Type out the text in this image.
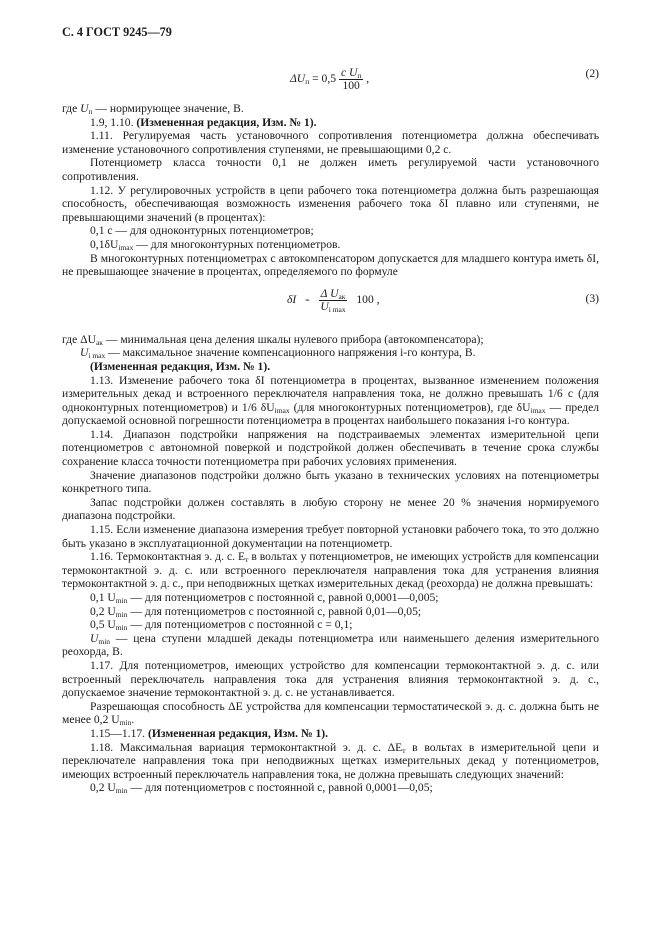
С. 4 ГОСТ 9245—79
$\Delta U_п = 0,5 \frac{с U_п}{100}$ ,	(2)
$\delta I = \frac{\Delta U_{ак}}{U_{i max}} 100$ ,	(3)

где $U_п$ — нормирующее значение, В.

1.9, 1.10. (Измененная редакция, Изм. № 1).

1.11. Регулируемая часть установочного сопротивления потенциометра должна обеспечивать изменение установочного сопротивления ступенями, не превышающими 0,2 с.

Потенциометр класса точности 0,1 не должен иметь регулируемой части установочного сопротивления.

1.12. У регулировочных устройств в цепи рабочего тока потенциометра должна быть разрешающая способность, обеспечивающая возможность изменения рабочего тока δI плавно или ступенями, не превышающими значений (в процентах):

0,1 с — для одноконтурных потенциометров;

$0,1\delta U_{imax}$ — для многоконтурных потенциометров.

В многоконтурных потенциометрах с автокомпенсатором допускается для младшего контура иметь δI, не превышающее значение в процентах, определяемого по формуле

где $\Delta U_{ак}$ — минимальная цена деления шкалы нулевого прибора (автокомпенсатора);
$U_{i max}$ — максимальное значение компенсационного напряжения i-го контура, В.

(Измененная редакция, Изм. № 1).

1.13. Изменение рабочего тока δI потенциометра в процентах, вызванное изменением положения измерительных декад и встроенного переключателя направления тока, не должно превышать 1/6 с (для одноконтурных потенциометров) и 1/6 $\delta U_{imax}$ (для многоконтурных потенциометров), где $\delta U_{imax}$ — предел допускаемой основной погрешности потенциометра в процентах наибольшего показания i-го контура.

1.14. Диапазон подстройки напряжения на подстраиваемых элементах измерительной цепи потенциометров с автономной поверкой и подстройкой должен обеспечивать в течение срока службы сохранение класса точности потенциометра при рабочих условиях применения.

Значение диапазонов подстройки должно быть указано в технических условиях на потенциометры конкретного типа.

Запас подстройки должен составлять в любую сторону не менее 20 % значения нормируемого диапазона подстройки.

1.15. Если изменение диапазона измерения требует повторной установки рабочего тока, то это должно быть указано в эксплуатационной документации на потенциометр.

1.16. Термоконтактная э. д. с. $E_т$ в вольтах у потенциометров, не имеющих устройств для компенсации термоконтактной э. д. с. или встроенного переключателя направления тока для устранения влияния термоконтактной э. д. с., при неподвижных щетках измерительных декад (реохорда) не должна превышать:

0,1 $U_{min}$ — для потенциометров с постоянной с, равной 0,0001—0,005;

0,2 $U_{min}$ — для потенциометров с постоянной с, равной 0,01—0,05;

0,5 $U_{min}$ — для потенциометров с постоянной с = 0,1;

$U_{min}$ — цена ступени младшей декады потенциометра или наименьшего деления измерительного реохорда, В.

1.17. Для потенциометров, имеющих устройство для компенсации термоконтактной э. д. с. или встроенный переключатель направления тока для устранения влияния термоконтактной э. д. с., допускаемое значение термоконтактной э. д. с. не устанавливается.

Разрешающая способность ΔE устройства для компенсации термостатической э. д. с. должна быть не менее 0,2 $U_{min}$.

1.15—1.17. (Измененная редакция, Изм. № 1).

1.18. Максимальная вариация термоконтактной э. д. с. $\Delta E_т$ в вольтах в измерительной цепи и переключателе направления тока при неподвижных щетках измерительных декад у потенциометров, имеющих встроенный переключатель направления тока, не должна превышать следующих значений:

0,2 $U_{min}$ — для потенциометров с постоянной с, равной 0,0001—0,05;
